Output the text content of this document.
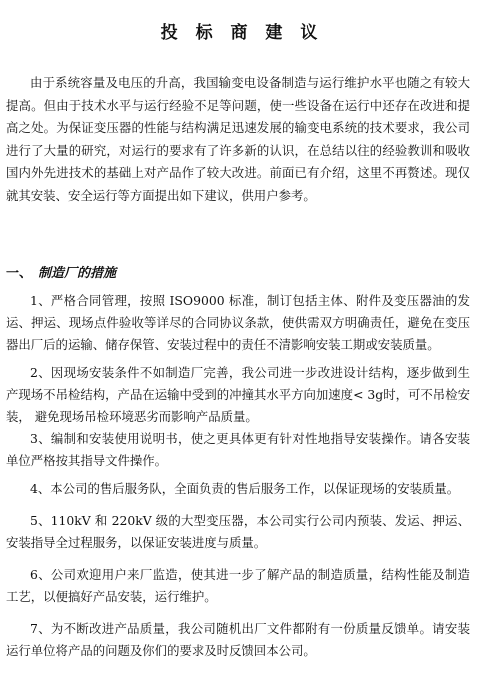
投 标 商 建 议

由于系统容量及电压的升高，我国输变电设备制造与运行维护水平也随之有较大提高。但由于技术水平与运行经验不足等问题，使一些设备在运行中还存在改进和提高之处。为保证变压器的性能与结构满足迅速发展的输变电系统的技术要求，我公司进行了大量的研究，对运行的要求有了许多新的认识，在总结以往的经验教训和吸收国内外先进技术的基础上对产品作了较大改进。前面已有介绍，这里不再赘述。现仅就其安装、安全运行等方面提出如下建议，供用户参考。

一、 制造厂的措施

1、严格合同管理，按照 ISO9000 标准，制订包括主体、附件及变压器油的发运、押运、现场点件验收等详尽的合同协议条款，使供需双方明确责任，避免在变压器出厂后的运输、储存保管、安装过程中的责任不清影响安装工期或安装质量。

2、因现场安装条件不如制造厂完善，我公司进一步改进设计结构，逐步做到生产现场不吊检结构，产品在运输中受到的冲撞其水平方向加速度< 3g时，可不吊检安装， 避免现场吊检环境恶劣而影响产品质量。

3、编制和安装使用说明书，使之更具体更有针对性地指导安装操作。请各安装单位严格按其指导文件操作。

4、本公司的售后服务队，全面负责的售后服务工作，以保证现场的安装质量。

5、110kV 和 220kV 级的大型变压器，本公司实行公司内预装、发运、押运、安装指导全过程服务，以保证安装进度与质量。

6、公司欢迎用户来厂监造，使其进一步了解产品的制造质量，结构性能及制造工艺，以便搞好产品安装，运行维护。

7、为不断改进产品质量，我公司随机出厂文件都附有一份质量反馈单。请安装运行单位将产品的问题及你们的要求及时反馈回本公司。
